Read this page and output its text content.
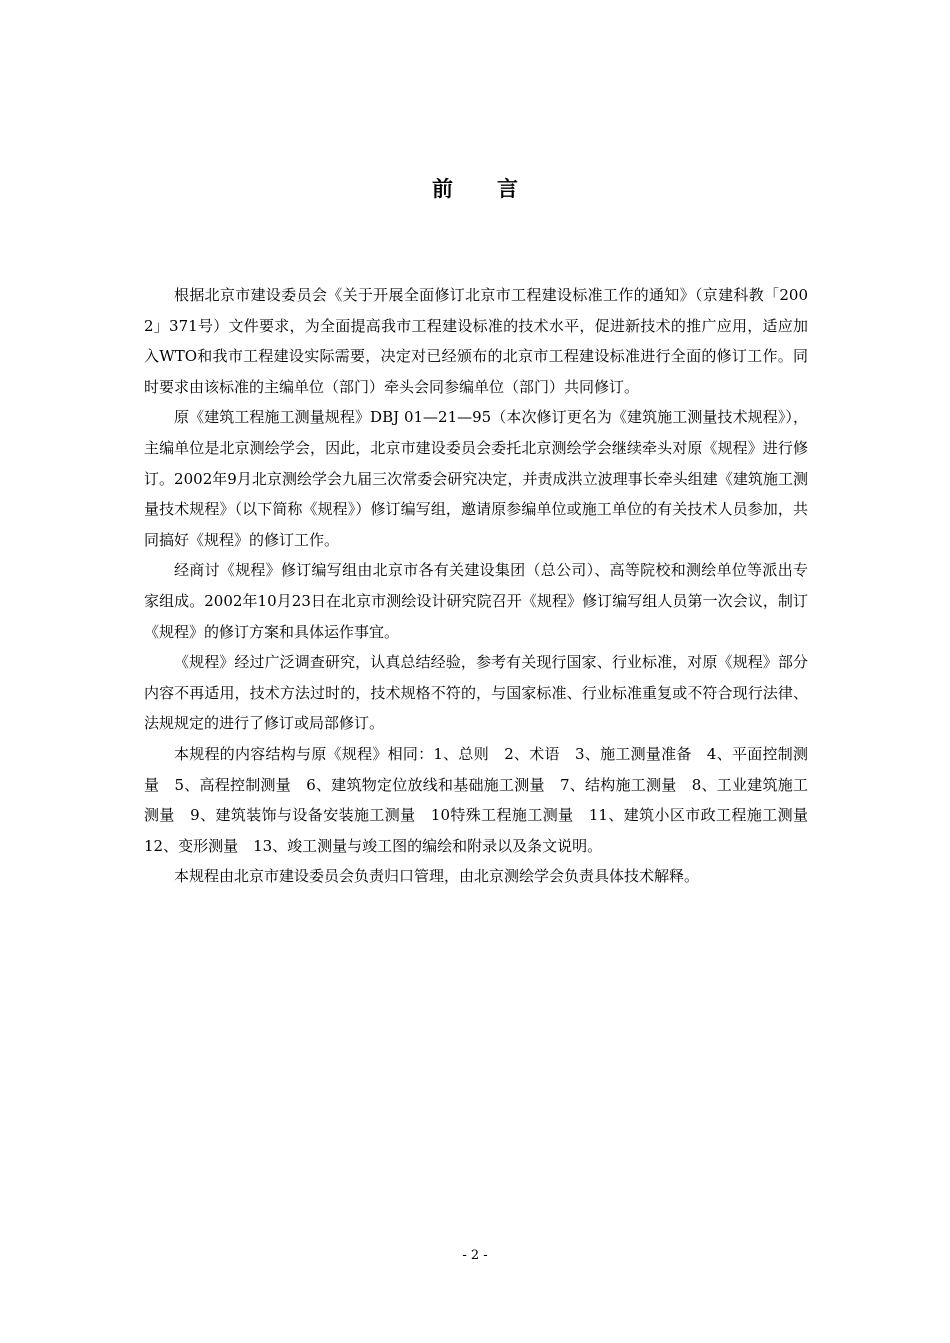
前言

根据北京市建设委员会《关于开展全面修订北京市工程建设标准工作的通知》（京建科教「2002」371号）文件要求，为全面提高我市工程建设标准的技术水平，促进新技术的推广应用，适应加入WTO和我市工程建设实际需要，决定对已经颁布的北京市工程建设标准进行全面的修订工作。同时要求由该标准的主编单位（部门）牵头会同参编单位（部门）共同修订。

原《建筑工程施工测量规程》DBJ 01—21—95（本次修订更名为《建筑施工测量技术规程》），主编单位是北京测绘学会，因此，北京市建设委员会委托北京测绘学会继续牵头对原《规程》进行修订。2002年9月北京测绘学会九届三次常委会研究决定，并责成洪立波理事长牵头组建《建筑施工测量技术规程》（以下简称《规程》）修订编写组，邀请原参编单位或施工单位的有关技术人员参加，共同搞好《规程》的修订工作。

经商讨《规程》修订编写组由北京市各有关建设集团（总公司）、高等院校和测绘单位等派出专家组成。2002年10月23日在北京市测绘设计研究院召开《规程》修订编写组人员第一次会议，制订《规程》的修订方案和具体运作事宜。

《规程》经过广泛调查研究，认真总结经验，参考有关现行国家、行业标准，对原《规程》部分内容不再适用，技术方法过时的，技术规格不符的，与国家标准、行业标准重复或不符合现行法律、法规规定的进行了修订或局部修订。

本规程的内容结构与原《规程》相同：1、总则　2、术语　3、施工测量准备　4、平面控制测量　5、高程控制测量　6、建筑物定位放线和基础施工测量　7、结构施工测量　8、工业建筑施工测量　9、建筑装饰与设备安装施工测量　10特殊工程施工测量　11、建筑小区市政工程施工测量　12、变形测量　13、竣工测量与竣工图的编绘和附录以及条文说明。

本规程由北京市建设委员会负责归口管理，由北京测绘学会负责具体技术解释。

- 2 -
